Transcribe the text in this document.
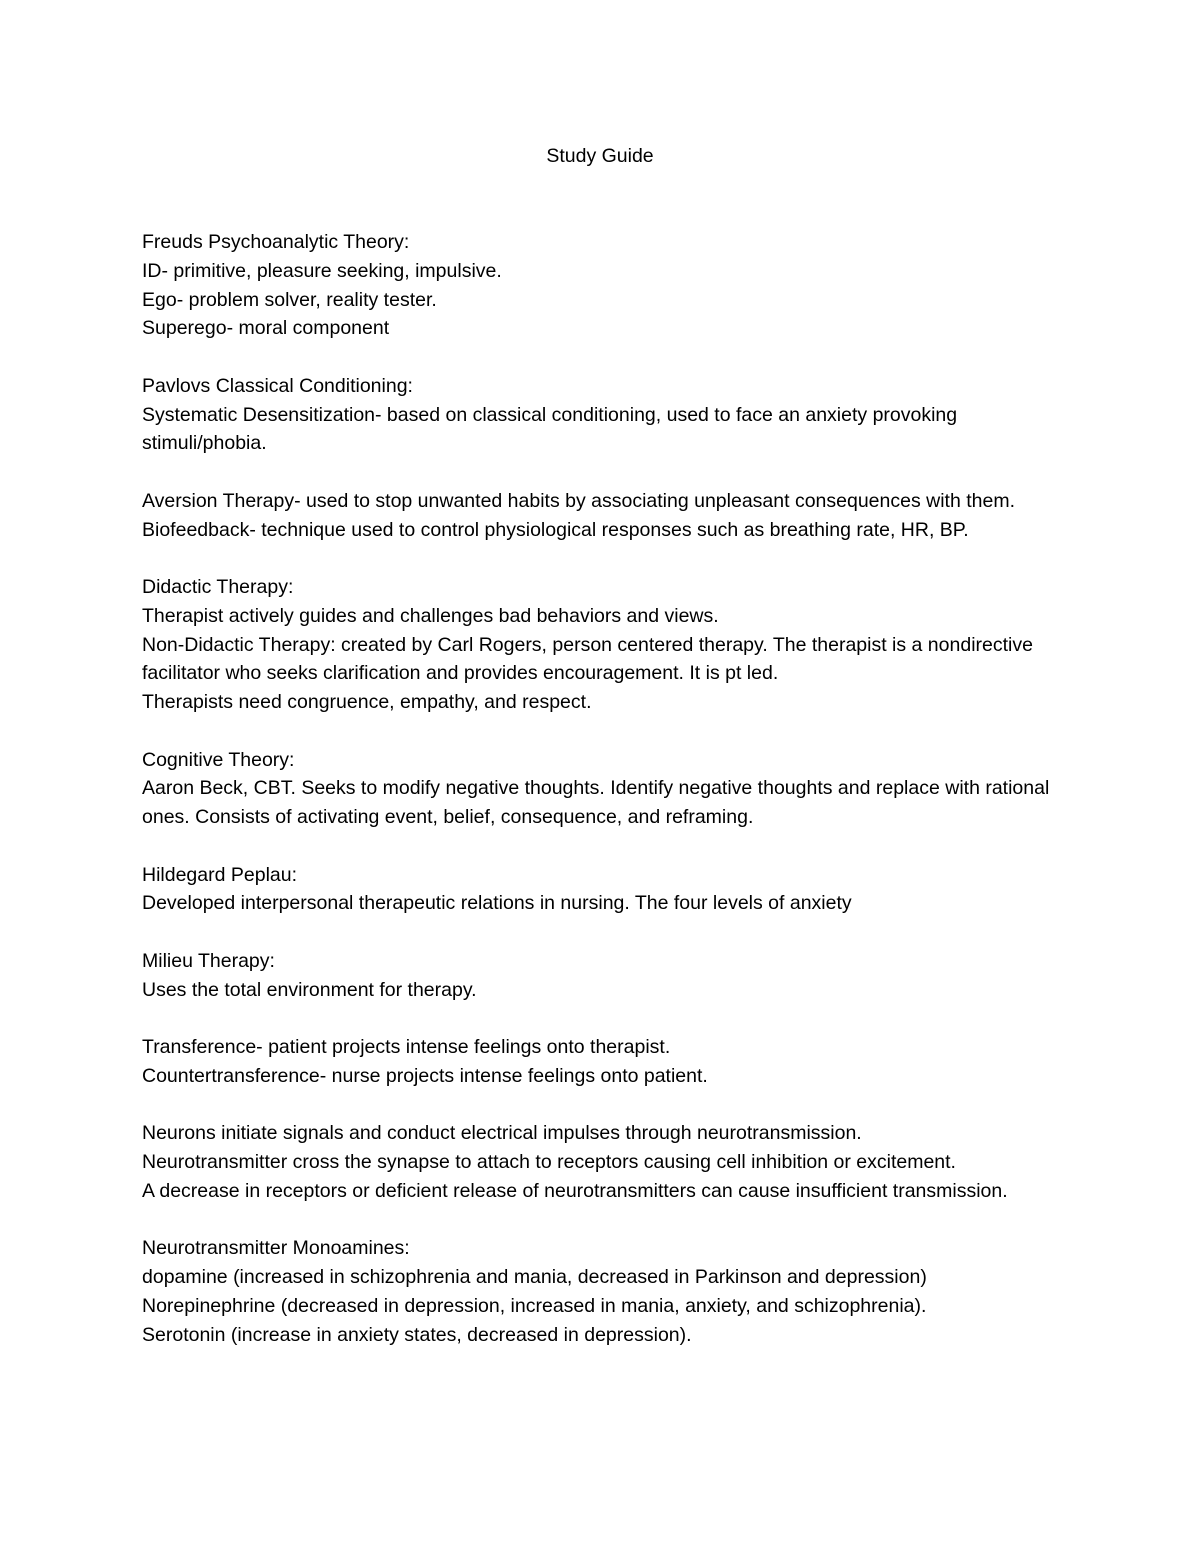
Study Guide

Freuds Psychoanalytic Theory:

ID- primitive, pleasure seeking, impulsive.

Ego- problem solver, reality tester.

Superego- moral component

Pavlovs Classical Conditioning:

Systematic Desensitization- based on classical conditioning, used to face an anxiety provoking stimuli/phobia.

Aversion Therapy- used to stop unwanted habits by associating unpleasant consequences with them.

Biofeedback- technique used to control physiological responses such as breathing rate, HR, BP.

Didactic Therapy:

Therapist actively guides and challenges bad behaviors and views.

Non-Didactic Therapy: created by Carl Rogers, person centered therapy. The therapist is a nondirective facilitator who seeks clarification and provides encouragement. It is pt led.

Therapists need congruence, empathy, and respect.

Cognitive Theory:

Aaron Beck, CBT. Seeks to modify negative thoughts. Identify negative thoughts and replace with rational ones. Consists of activating event, belief, consequence, and reframing.

Hildegard Peplau:

Developed interpersonal therapeutic relations in nursing. The four levels of anxiety

Milieu Therapy:

Uses the total environment for therapy.

Transference- patient projects intense feelings onto therapist.

Countertransference- nurse projects intense feelings onto patient.

Neurons initiate signals and conduct electrical impulses through neurotransmission.

Neurotransmitter cross the synapse to attach to receptors causing cell inhibition or excitement.

A decrease in receptors or deficient release of neurotransmitters can cause insufficient transmission.

Neurotransmitter Monoamines:

dopamine (increased in schizophrenia and mania, decreased in Parkinson and depression)

Norepinephrine (decreased in depression, increased in mania, anxiety, and schizophrenia).

Serotonin (increase in anxiety states, decreased in depression).
